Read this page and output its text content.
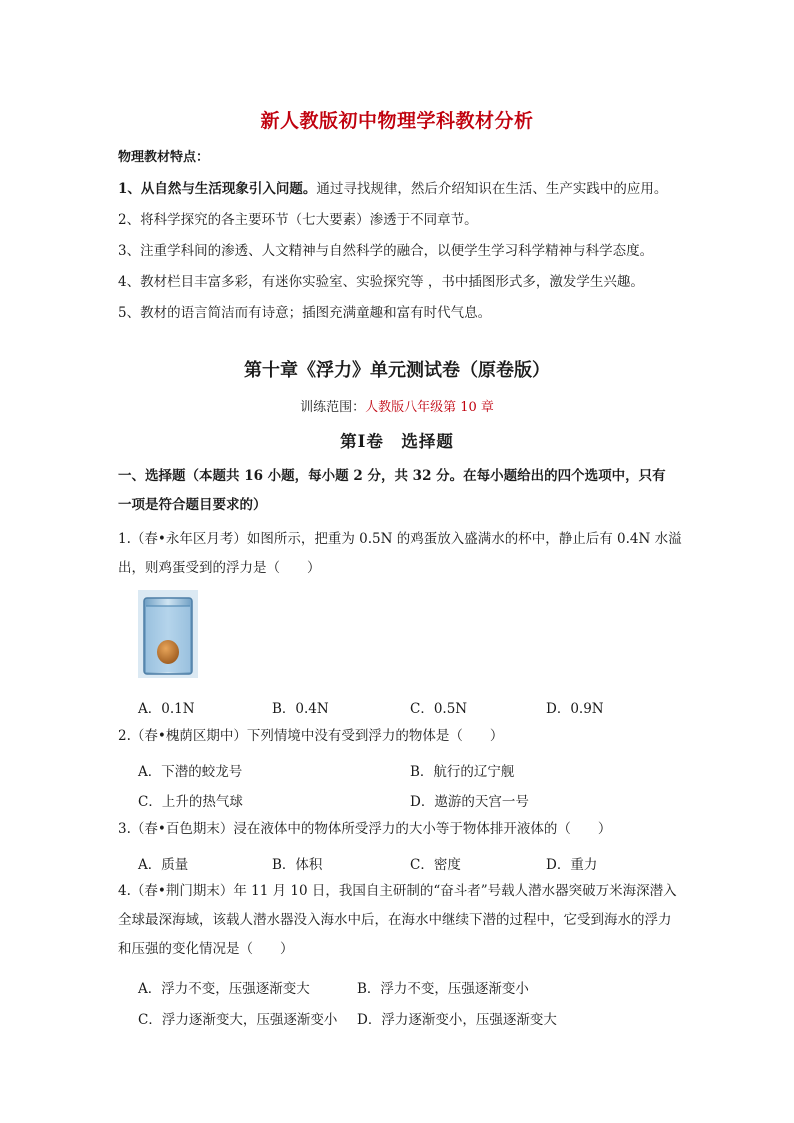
新人教版初中物理学科教材分析
物理教材特点：
1、从自然与生活现象引入问题。通过寻找规律，然后介绍知识在生活、生产实践中的应用。
2、将科学探究的各主要环节（七大要素）渗透于不同章节。
3、注重学科间的渗透、人文精神与自然科学的融合，以便学生学习科学精神与科学态度。
4、教材栏目丰富多彩，有迷你实验室、实验探究等 ，书中插图形式多，激发学生兴趣。
5、教材的语言简洁而有诗意；插图充满童趣和富有时代气息。
第十章《浮力》单元测试卷（原卷版）
训练范围：人教版八年级第 10 章
第Ⅰ卷　选择题
一、选择题（本题共 16 小题，每小题 2 分，共 32 分。在每小题给出的四个选项中，只有一项是符合题目要求的）
1.（春•永年区月考）如图所示，把重为 0.5N 的鸡蛋放入盛满水的杯中，静止后有 0.4N 水溢出，则鸡蛋受到的浮力是（　　）
A．0.1N	B．0.4N	C．0.5N	D．0.9N
2.（春•槐荫区期中）下列情境中没有受到浮力的物体是（　　）
A．下潜的蛟龙号	B．航行的辽宁舰
C．上升的热气球	D．遨游的天宫一号
3.（春•百色期末）浸在液体中的物体所受浮力的大小等于物体排开液体的（　　）
A．质量	B．体积	C．密度	D．重力
4.（春•荆门期末）年 11 月 10 日，我国自主研制的“奋斗者”号载人潜水器突破万米海深潜入全球最深海域，该载人潜水器没入海水中后，在海水中继续下潜的过程中，它受到海水的浮力和压强的变化情况是（　　）
A．浮力不变，压强逐渐变大	B．浮力不变，压强逐渐变小
C．浮力逐渐变大，压强逐渐变小 D．浮力逐渐变小，压强逐渐变大
